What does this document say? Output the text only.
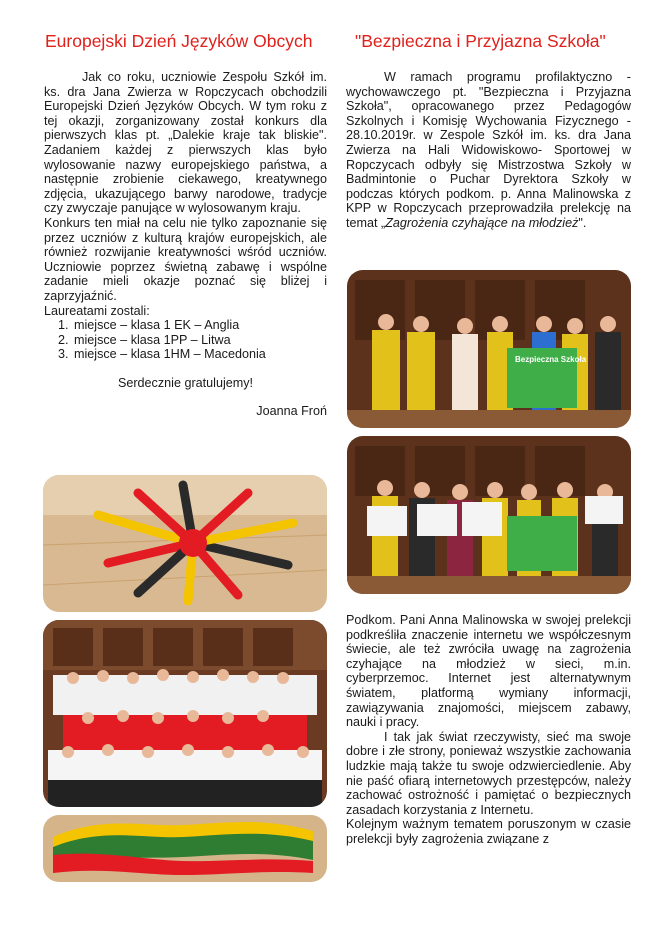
Europejski Dzień Języków Obcych

Jak co roku, uczniowie Zespołu Szkół im. ks. dra Jana Zwierza w Ropczycach obchodzili Europejski Dzień Języków Obcych. W tym roku z tej okazji, zorganizowany został konkurs dla pierwszych klas pt. „Dalekie kraje tak bliskie". Zadaniem każdej z pierwszych klas było wylosowanie nazwy europejskiego państwa, a następnie zrobienie ciekawego, kreatywnego zdjęcia, ukazującego barwy narodowe, tradycje czy zwyczaje panujące w wylosowanym kraju.

Konkurs ten miał na celu nie tylko zapoznanie się przez uczniów z kulturą krajów europejskich, ale również rozwijanie kreatywności wśród uczniów. Uczniowie poprzez świetną zabawę i wspólne zadanie mieli okazje poznać się bliżej i zaprzyjaźnić.

Laureatami zostali:

1. miejsce – klasa 1 EK – Anglia
2. miejsce – klasa 1PP – Litwa
3. miejsce – klasa 1HM – Macedonia

Serdecznie gratulujemy!

Joanna Froń

"Bezpieczna i Przyjazna Szkoła"

W ramach programu profilaktyczno - wychowawczego pt. "Bezpieczna i Przyjazna Szkoła", opracowanego przez Pedagogów Szkolnych i Komisję Wychowania Fizycznego - 28.10.2019r. w Zespole Szkół im. ks. dra Jana Zwierza na Hali Widowiskowo- Sportowej w Ropczycach odbyły się Mistrzostwa Szkoły w Badmintonie o Puchar Dyrektora Szkoły w podczas których podkom. p. Anna Malinowska z KPP w Ropczycach przeprowadziła prelekcję na temat „Zagrożenia czyhające na młodzież".

Bezpieczna Szkoła

Podkom. Pani Anna Malinowska w swojej prelekcji podkreśliła znaczenie internetu we współczesnym świecie, ale też zwróciła uwagę na zagrożenia czyhające na młodzież w sieci, m.in. cyberprzemoc. Internet jest alternatywnym światem, platformą wymiany informacji, zawiązywania znajomości, miejscem zabawy, nauki i pracy.

I tak jak świat rzeczywisty, sieć ma swoje dobre i złe strony, ponieważ wszystkie zachowania ludzkie mają także tu swoje odzwierciedlenie. Aby nie paść ofiarą internetowych przestępców, należy zachować ostrożność i pamiętać o bezpiecznych zasadach korzystania z Internetu.

Kolejnym ważnym tematem poruszonym w czasie prelekcji były zagrożenia związane z
